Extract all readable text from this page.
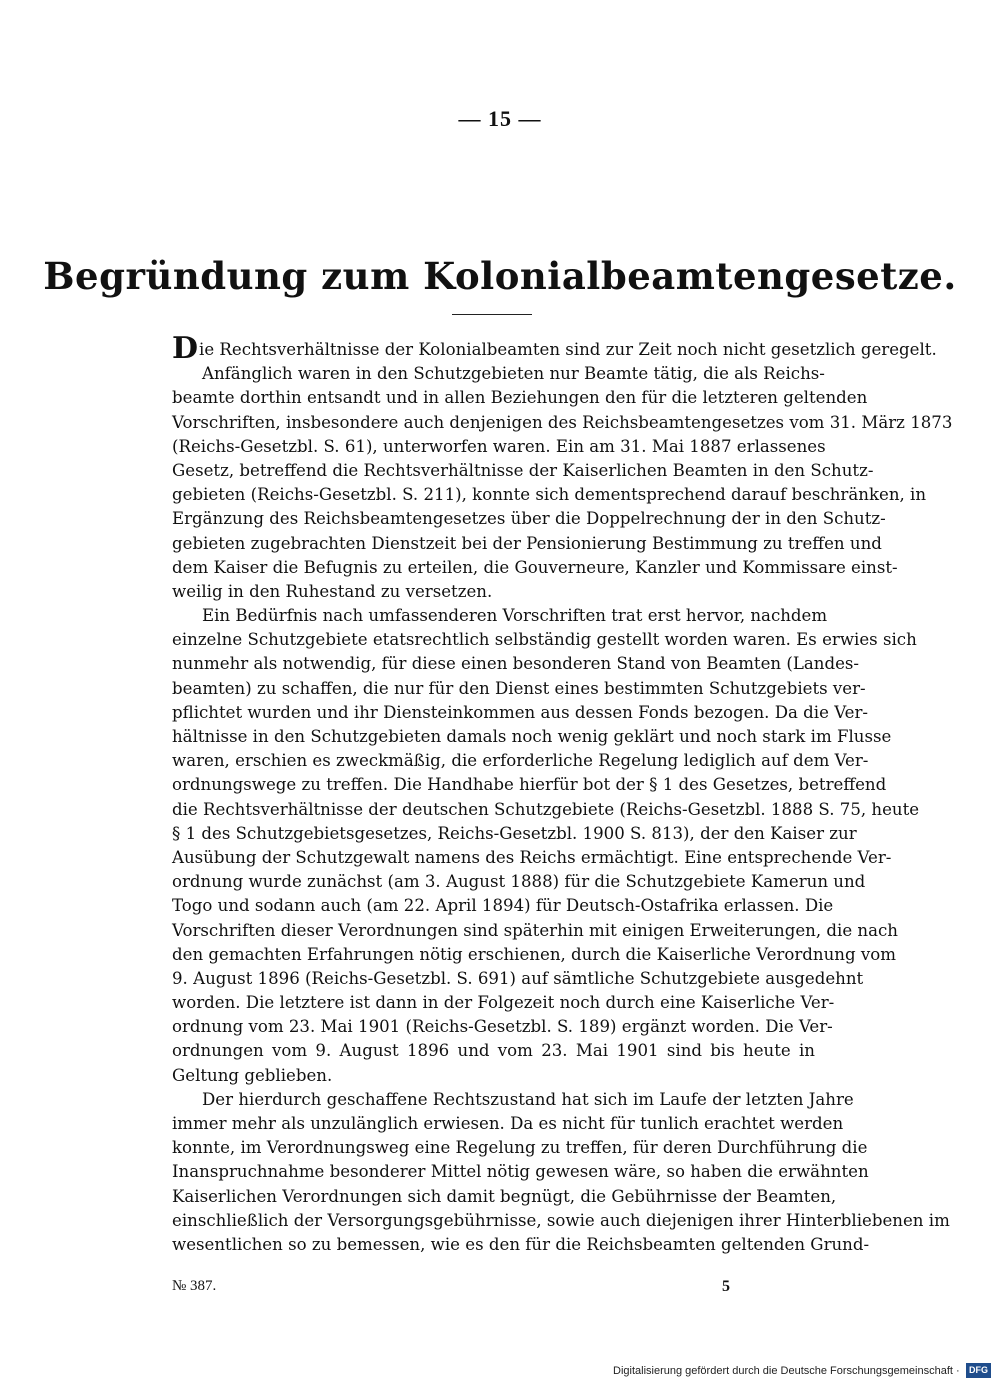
— 15 —
Begründung zum Kolonialbeamtengesetze.
Die Rechtsverhältnisse der Kolonialbeamten sind zur Zeit noch nicht gesetzlich geregelt.
Anfänglich waren in den Schutzgebieten nur Beamte tätig, die als Reichs-
beamte dorthin entsandt und in allen Beziehungen den für die letzteren geltenden
Vorschriften, insbesondere auch denjenigen des Reichsbeamtengesetzes vom 31. März 1873
(Reichs-Gesetzbl. S. 61), unterworfen waren. Ein am 31. Mai 1887 erlassenes
Gesetz, betreffend die Rechtsverhältnisse der Kaiserlichen Beamten in den Schutz-
gebieten (Reichs-Gesetzbl. S. 211), konnte sich dementsprechend darauf beschränken, in
Ergänzung des Reichsbeamtengesetzes über die Doppelrechnung der in den Schutz-
gebieten zugebrachten Dienstzeit bei der Pensionierung Bestimmung zu treffen und
dem Kaiser die Befugnis zu erteilen, die Gouverneure, Kanzler und Kommissare einst-
weilig in den Ruhestand zu versetzen.
Ein Bedürfnis nach umfassenderen Vorschriften trat erst hervor, nachdem
einzelne Schutzgebiete etatsrechtlich selbständig gestellt worden waren. Es erwies sich
nunmehr als notwendig, für diese einen besonderen Stand von Beamten (Landes-
beamten) zu schaffen, die nur für den Dienst eines bestimmten Schutzgebiets ver-
pflichtet wurden und ihr Diensteinkommen aus dessen Fonds bezogen. Da die Ver-
hältnisse in den Schutzgebieten damals noch wenig geklärt und noch stark im Flusse
waren, erschien es zweckmäßig, die erforderliche Regelung lediglich auf dem Ver-
ordnungswege zu treffen. Die Handhabe hierfür bot der § 1 des Gesetzes, betreffend
die Rechtsverhältnisse der deutschen Schutzgebiete (Reichs-Gesetzbl. 1888 S. 75, heute
§ 1 des Schutzgebietsgesetzes, Reichs-Gesetzbl. 1900 S. 813), der den Kaiser zur
Ausübung der Schutzgewalt namens des Reichs ermächtigt. Eine entsprechende Ver-
ordnung wurde zunächst (am 3. August 1888) für die Schutzgebiete Kamerun und
Togo und sodann auch (am 22. April 1894) für Deutsch-Ostafrika erlassen. Die
Vorschriften dieser Verordnungen sind späterhin mit einigen Erweiterungen, die nach
den gemachten Erfahrungen nötig erschienen, durch die Kaiserliche Verordnung vom
9. August 1896 (Reichs-Gesetzbl. S. 691) auf sämtliche Schutzgebiete ausgedehnt
worden. Die letztere ist dann in der Folgezeit noch durch eine Kaiserliche Ver-
ordnung vom 23. Mai 1901 (Reichs-Gesetzbl. S. 189) ergänzt worden. Die Ver-
ordnungen vom 9. August 1896 und vom 23. Mai 1901 sind bis heute in
Geltung geblieben.
Der hierdurch geschaffene Rechtszustand hat sich im Laufe der letzten Jahre
immer mehr als unzulänglich erwiesen. Da es nicht für tunlich erachtet werden
konnte, im Verordnungsweg eine Regelung zu treffen, für deren Durchführung die
Inanspruchnahme besonderer Mittel nötig gewesen wäre, so haben die erwähnten
Kaiserlichen Verordnungen sich damit begnügt, die Gebührnisse der Beamten,
einschließlich der Versorgungsgebührnisse, sowie auch diejenigen ihrer Hinterbliebenen im
wesentlichen so zu bemessen, wie es den für die Reichsbeamten geltenden Grund-
№ 387.	5
Digitalisierung gefördert durch die Deutsche Forschungsgemeinschaft ·	DFG
